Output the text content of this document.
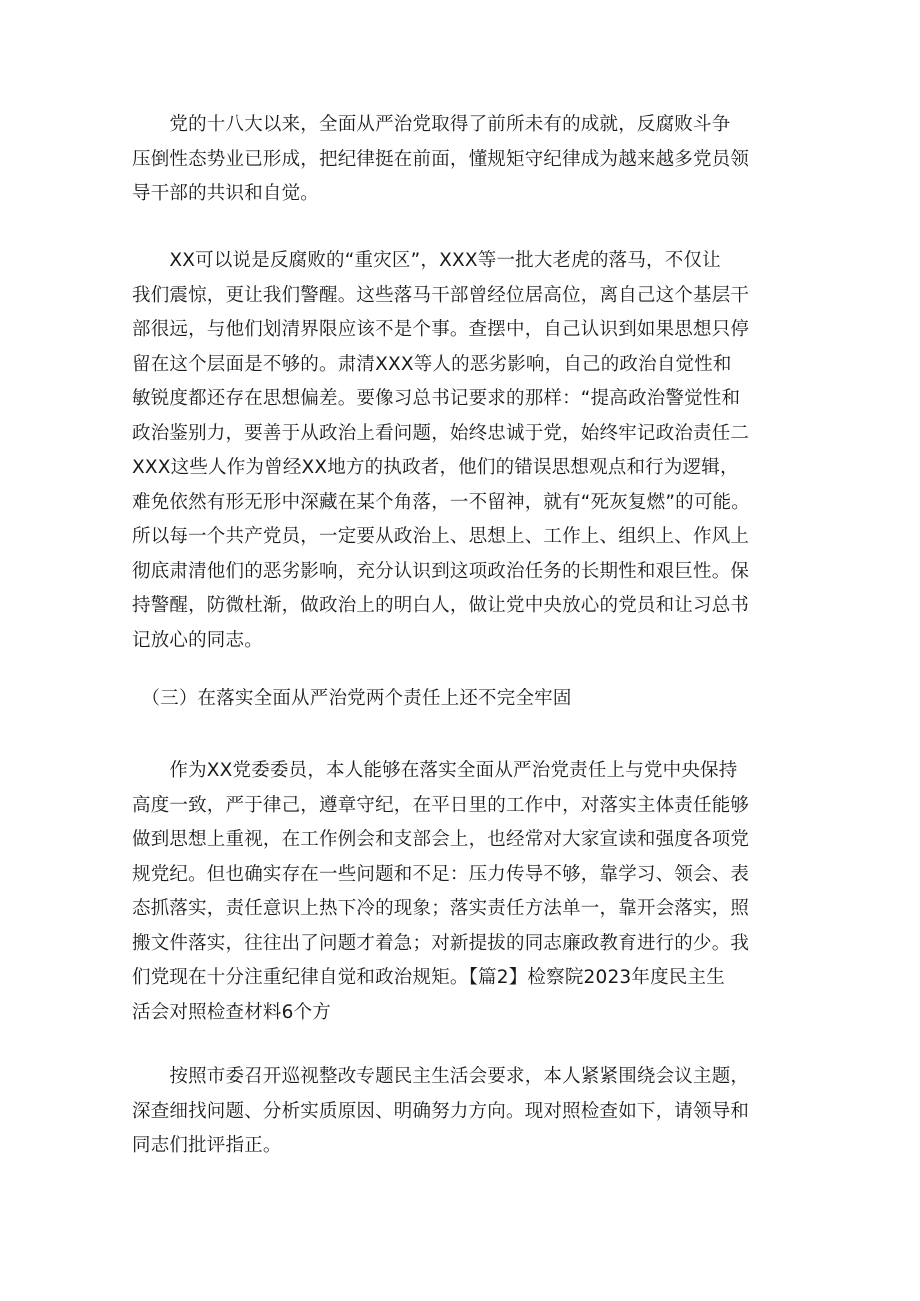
　　党的十八大以来，全面从严治党取得了前所未有的成就，反腐败斗争
压倒性态势业已形成，把纪律挺在前面，懂规矩守纪律成为越来越多党员领
导干部的共识和自觉。
　　XX可以说是反腐败的“重灾区”，XXX等一批大老虎的落马，不仅让
我们震惊，更让我们警醒。这些落马干部曾经位居高位，离自己这个基层干
部很远，与他们划清界限应该不是个事。查摆中，自己认识到如果思想只停
留在这个层面是不够的。肃清XXX等人的恶劣影响，自己的政治自觉性和
敏锐度都还存在思想偏差。要像习总书记要求的那样：“提高政治警觉性和
政治鉴别力，要善于从政治上看问题，始终忠诚于党，始终牢记政治责任二
XXX这些人作为曾经XX地方的执政者，他们的错误思想观点和行为逻辑，
难免依然有形无形中深藏在某个角落，一不留神，就有“死灰复燃”的可能。
所以每一个共产党员，一定要从政治上、思想上、工作上、组织上、作风上
彻底肃清他们的恶劣影响，充分认识到这项政治任务的长期性和艰巨性。保
持警醒，防微杜渐，做政治上的明白人，做让党中央放心的党员和让习总书
记放心的同志。
　（三）在落实全面从严治党两个责任上还不完全牢固
　　作为XX党委委员，本人能够在落实全面从严治党责任上与党中央保持
高度一致，严于律己，遵章守纪，在平日里的工作中，对落实主体责任能够
做到思想上重视，在工作例会和支部会上，也经常对大家宣读和强度各项党
规党纪。但也确实存在一些问题和不足：压力传导不够，靠学习、领会、表
态抓落实，责任意识上热下冷的现象；落实责任方法单一，靠开会落实，照
搬文件落实，往往出了问题才着急；对新提拔的同志廉政教育进行的少。我
们党现在十分注重纪律自觉和政治规矩。【篇2】检察院2023年度民主生
活会对照检查材料6个方
　　按照市委召开巡视整改专题民主生活会要求，本人紧紧围绕会议主题，
深查细找问题、分析实质原因、明确努力方向。现对照检查如下，请领导和
同志们批评指正。
